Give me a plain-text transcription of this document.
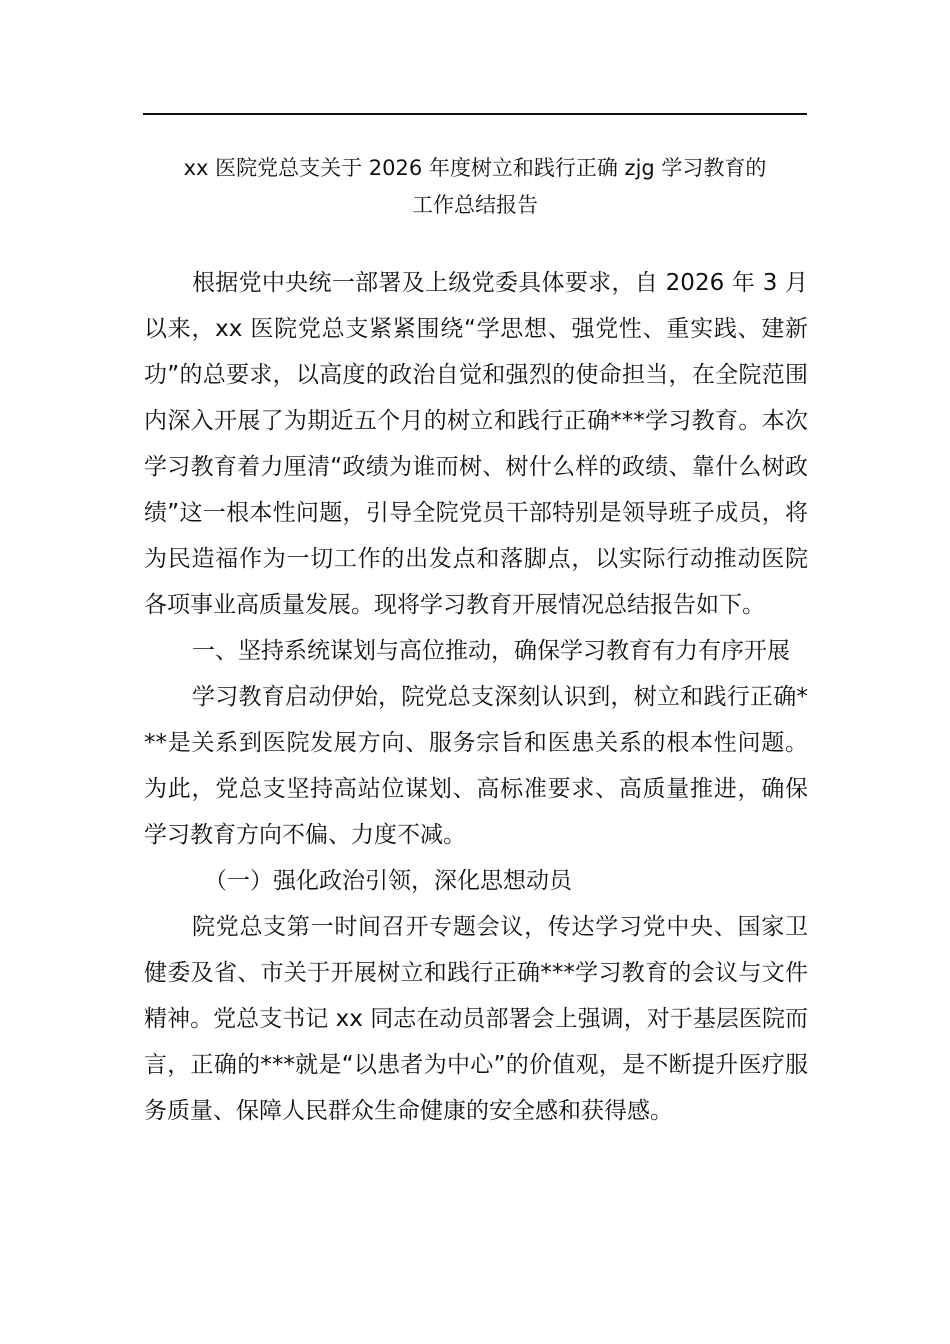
xx 医院党总支关于 2026 年度树立和践行正确 zjg 学习教育的
工作总结报告

根据党中央统一部署及上级党委具体要求，自 2026 年 3 月以来，xx 医院党总支紧紧围绕“学思想、强党性、重实践、建新功”的总要求，以高度的政治自觉和强烈的使命担当，在全院范围内深入开展了为期近五个月的树立和践行正确***学习教育。本次学习教育着力厘清“政绩为谁而树、树什么样的政绩、靠什么树政绩”这一根本性问题，引导全院党员干部特别是领导班子成员，将为民造福作为一切工作的出发点和落脚点，以实际行动推动医院各项事业高质量发展。现将学习教育开展情况总结报告如下。

一、坚持系统谋划与高位推动，确保学习教育有力有序开展

学习教育启动伊始，院党总支深刻认识到，树立和践行正确***是关系到医院发展方向、服务宗旨和医患关系的根本性问题。为此，党总支坚持高站位谋划、高标准要求、高质量推进，确保学习教育方向不偏、力度不减。

（一）强化政治引领，深化思想动员

院党总支第一时间召开专题会议，传达学习党中央、国家卫健委及省、市关于开展树立和践行正确***学习教育的会议与文件精神。党总支书记 xx 同志在动员部署会上强调，对于基层医院而言，正确的***就是“以患者为中心”的价值观，是不断提升医疗服务质量、保障人民群众生命健康的安全感和获得感。
